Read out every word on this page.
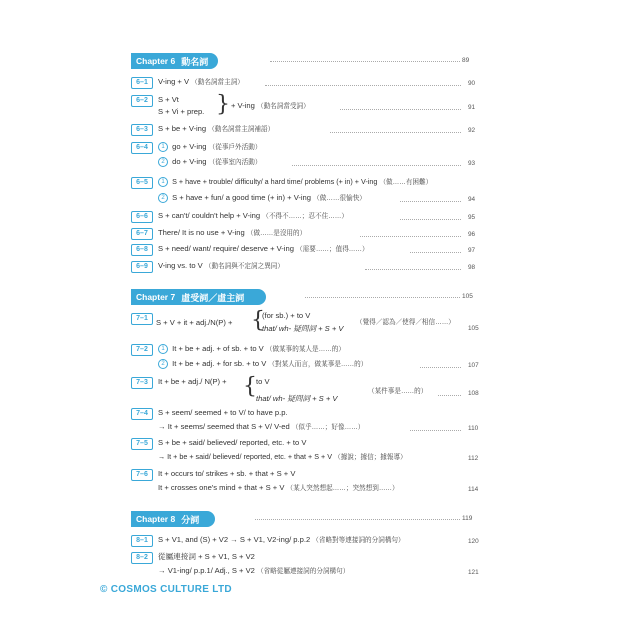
Chapter 6 動名詞	89
6–1	V-ing + V （動名詞當主詞）	90
6–2	S + Vt
S + Vi + prep. } + V-ing （動名詞當受詞）	91
6–3	S + be + V-ing （動名詞當主詞補語）	92
6–4	1 go + V-ing （從事戶外活動）
2 do + V-ing （從事室內活動）	93
6–5	1 S + have + trouble/ difficulty/ a hard time/ problems (+ in) + V-ing （做……有困難）
2 S + have + fun/ a good time (+ in) + V-ing （做……很愉快）	94
6–6	S + can't/ couldn't help + V-ing （不得不……；忍不住……）	95
6–7	There/ It is no use + V-ing （做……是沒用的）	96
6–8	S + need/ want/ require/ deserve + V-ing （需要……；值得……）	97
6–9	V-ing vs. to V （動名詞與不定詞之異同）	98
Chapter 7 虛受詞／虛主詞	105
7–1	S + V + it + adj./N(P) + {
(for sb.) + to V
that/ wh- 疑問詞 + S + V
（覺得／認為／使得／相信……）
105
7–2	1 It + be + adj. + of sb. + to V （做某事的某人是……的）
2 It + be + adj. + for sb. + to V （對某人而言，做某事是……的）	107
7–3	It + be + adj./ N(P) + { to V
that/ wh- 疑問詞 + S + V
（某件事是……的）	108
7–4	S + seem/ seemed + to V/ to have p.p.
→ It + seems/ seemed that S + V/ V-ed （似乎……；好像……）	110
7–5	S + be + said/ believed/ reported, etc. + to V
→ It + be + said/ believed/ reported, etc. + that + S + V （據說；據信；據報導）	112
7–6	It + occurs to/ strikes + sb. + that + S + V
It + crosses one's mind + that + S + V （某人突然想起……；突然想到……）	114
Chapter 8 分詞	119
8–1	S + V1, and (S) + V2 → S + V1, V2-ing/ p.p.2 （省略對等連接詞的分詞構句）	120
8–2	從屬連接詞 + S + V1, S + V2
→ V1-ing/ p.p.1/ Adj., S + V2 （省略從屬連接詞的分詞構句）	121
© COSMOS CULTURE LTD
